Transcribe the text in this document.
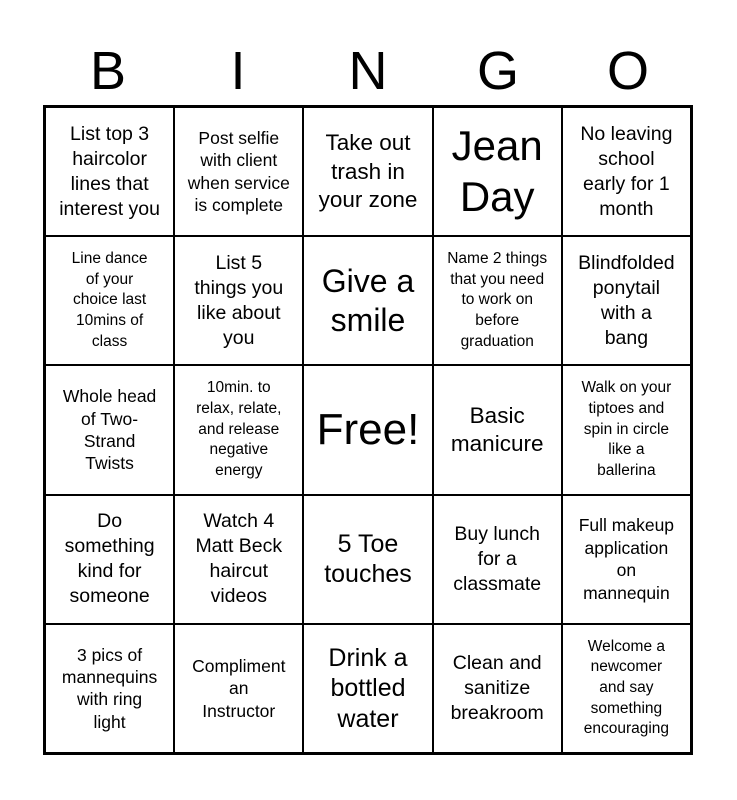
B	I	N	G	O
List top 3
haircolor
lines that
interest you
Post selfie
with client
when service
is complete
Take out
trash in
your zone
Jean
Day
No leaving
school
early for 1
month
Line dance
of your
choice last
10mins of
class
List 5
things you
like about
you
Give a
smile
Name 2 things
that you need
to work on
before
graduation
Blindfolded
ponytail
with a
bang
Whole head
of Two-
Strand
Twists
10min. to
relax, relate,
and release
negative
energy
Free!	Basic
manicure
Walk on your
tiptoes and
spin in circle
like a
ballerina
Do
something
kind for
someone
Watch 4
Matt Beck
haircut
videos
5 Toe
touches
Buy lunch
for a
classmate
Full makeup
application
on
mannequin
3 pics of
mannequins
with ring
light
Compliment
an
Instructor
Drink a
bottled
water
Clean and
sanitize
breakroom
Welcome a
newcomer
and say
something
encouraging
